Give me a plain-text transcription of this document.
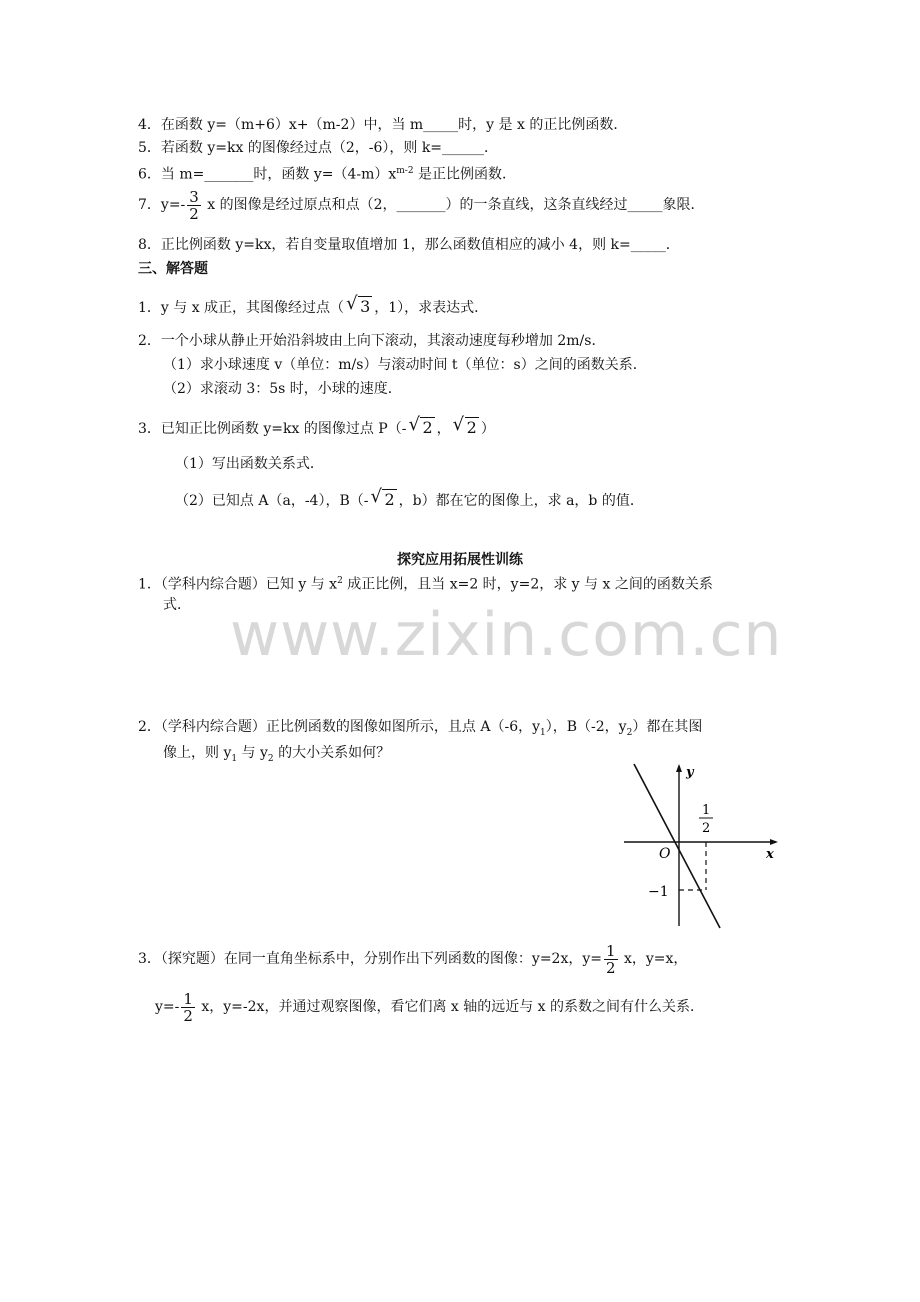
www.zixin.com.cn
4．在函数 y=（m+6）x+（m-2）中，当 m_____时，y 是 x 的正比例函数．
5．若函数 y=kx 的图像经过点（2，-6），则 k=______．
6．当 m=_______时，函数 $y=(4-m)x^{m-2}$ 是正比例函数．
7．$y=- \frac{3}{2}$ x 的图像是经过原点和点（2，_______）的一条直线，这条直线经过_____象限．
8．正比例函数 y=kx，若自变量取值增加 1，那么函数值相应的减小 4，则 k=_____．
三、解答题
1．y 与 x 成正，其图像经过点（ √ 3 ，1），求表达式．
2．一个小球从静止开始沿斜坡由上向下滚动，其滚动速度每秒增加 2m/s．
（1）求小球速度 v（单位：m/s）与滚动时间 t（单位：s）之间的函数关系．
（2）求滚动 3：5s 时，小球的速度．
3．已知正比例函数 y=kx 的图像过点 P（- √ 2 ， √ 2 ）
（1）写出函数关系式．
（2）已知点 A（a，-4），B（- √ 2 ，b）都在它的图像上，求 a，b 的值．
探究应用拓展性训练
1．（学科内综合题）已知 y 与 $x^2$ 成正比例，且当 x=2 时，y=2，求 y 与 x 之间的函数关系
式．
2．（学科内综合题）正比例函数的图像如图所示，且点 A（-6，$y_1$），B（-2，$y_2$）都在其图
像上，则 $y_1$ 与 $y_2$ 的大小关系如何？
y
x
O
1
2
−1
3．（探究题）在同一直角坐标系中，分别作出下列函数的图像：y=2x，$y= \frac{1}{2}$ x，y=x，
$y=- \frac{1}{2}$ x，y=-2x，并通过观察图像，看它们离 x 轴的远近与 x 的系数之间有什么关系．
